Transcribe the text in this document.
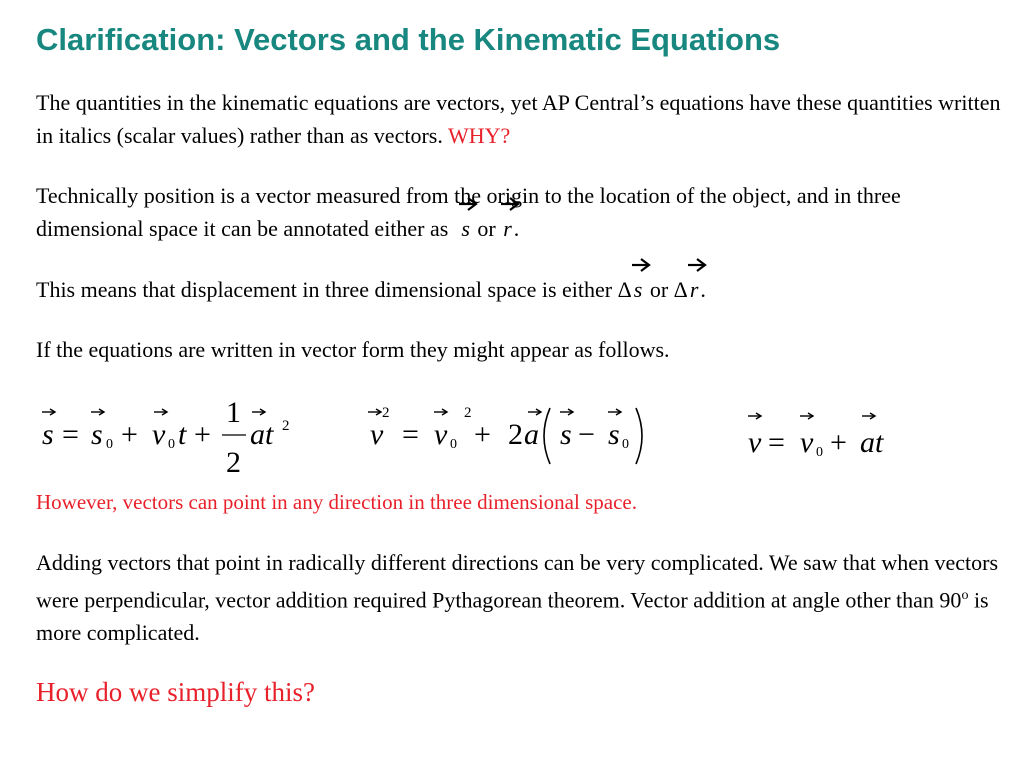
Clarification: Vectors and the Kinematic Equations
The quantities in the kinematic equations are vectors, yet AP Central’s equations have these quantities written in italics (scalar values) rather than as vectors. WHY?
Technically position is a vector measured from the origin to the location of the object, and in three dimensional space it can be annotated either as s or r.
This means that displacement in three dimensional space is either Δ
s or Δ
r.
If the equations are written in vector form they might appear as follows.
s = s 0 + v 0 t +
1
2
at 2
2
v = v 0
2
+ 2 a s − s 0	v = v 0 + at
However, vectors can point in any direction in three dimensional space.
Adding vectors that point in radically different directions can be very complicated. We saw that when vectors were perpendicular, vector addition required Pythagorean theorem. Vector addition at angle other than 90$^o$ is more complicated.
How do we simplify this?
